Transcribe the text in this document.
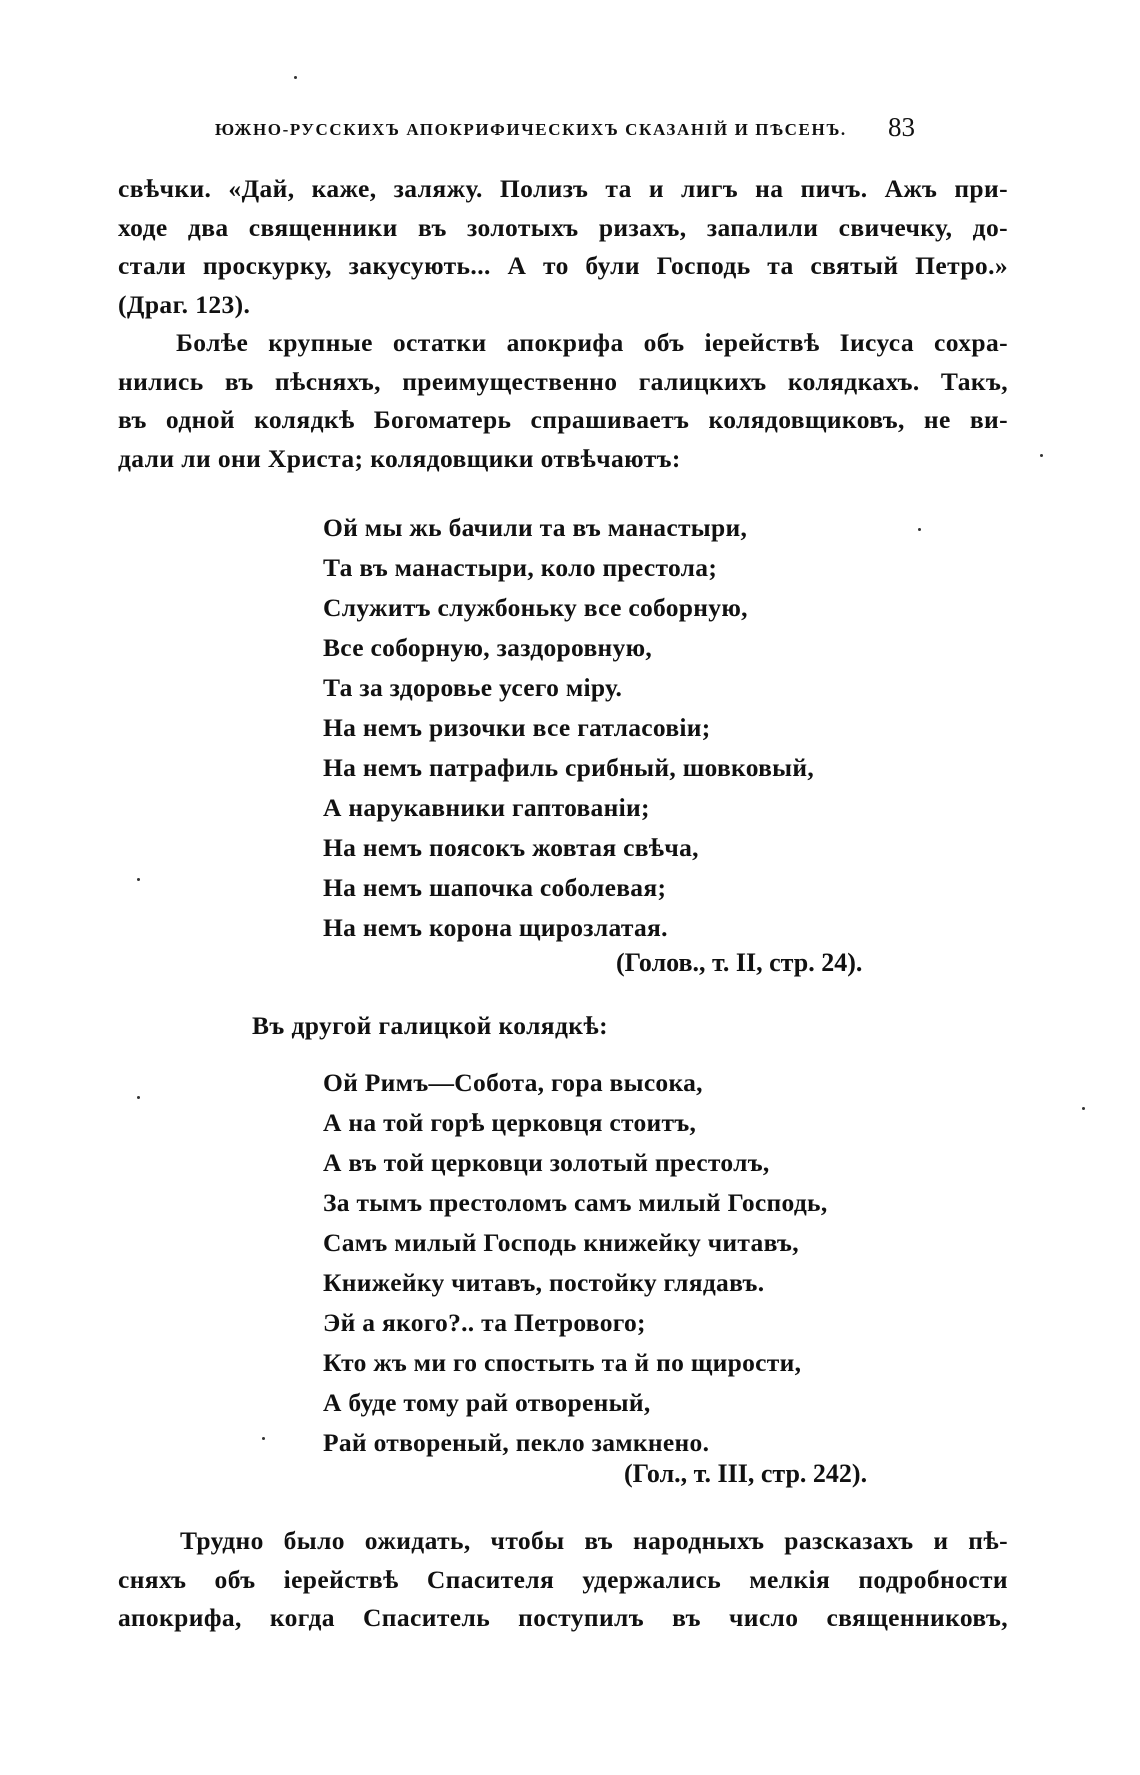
ЮЖНО-РУССКИХЪ АПОКРИФИЧЕСКИХЪ СКАЗАНІЙ И ПѢСЕНЪ. 83
свѣчки. «Дай, каже, заляжу. Полизъ та и лигъ на пичъ. Ажъ при-
ходе два священники въ золотыхъ ризахъ, запалили свичечку, до-
стали проскурку, закусують... А то були Господь та святый Петро.»
(Драг. 123).
Болѣе крупные остатки апокрифа объ іерействѣ Іисуса сохра-
нились въ пѣсняхъ, преимущественно галицкихъ колядкахъ. Такъ,
въ одной колядкѣ Богоматерь спрашиваетъ колядовщиковъ, не ви-
дали ли они Христа; колядовщики отвѣчаютъ:
Ой мы жь бачили та въ манастыри,
Та въ манастыри, коло престола;
Служитъ службоньку все соборную,
Все соборную, заздоровную,
Та за здоровье усего міру.
На немъ ризочки все гатласовіи;
На немъ патрафиль срибный, шовковый,
А нарукавники гаптованіи;
На немъ поясокъ жовтая свѣча,
На немъ шапочка соболевая;
На немъ корона щирозлатая.
(Голов., т. II, стр. 24).
Въ другой галицкой колядкѣ:
Ой Римъ—Собота, гора высока,
А на той горѣ церковця стоитъ,
А въ той церковци золотый престолъ,
За тымъ престоломъ самъ милый Господь,
Самъ милый Господь книжейку читавъ,
Книжейку читавъ, постойку глядавъ.
Эй а якого?.. та Петрового;
Кто жъ ми го спостыть та й по щирости,
А буде тому рай отвореный,
Рай отвореный, пекло замкнено.
(Гол., т. III, стр. 242).
Трудно было ожидать, чтобы въ народныхъ разсказахъ и пѣ-
сняхъ объ іерействѣ Спасителя удержались мелкія подробности
апокрифа, когда Спаситель поступилъ въ число священниковъ,
